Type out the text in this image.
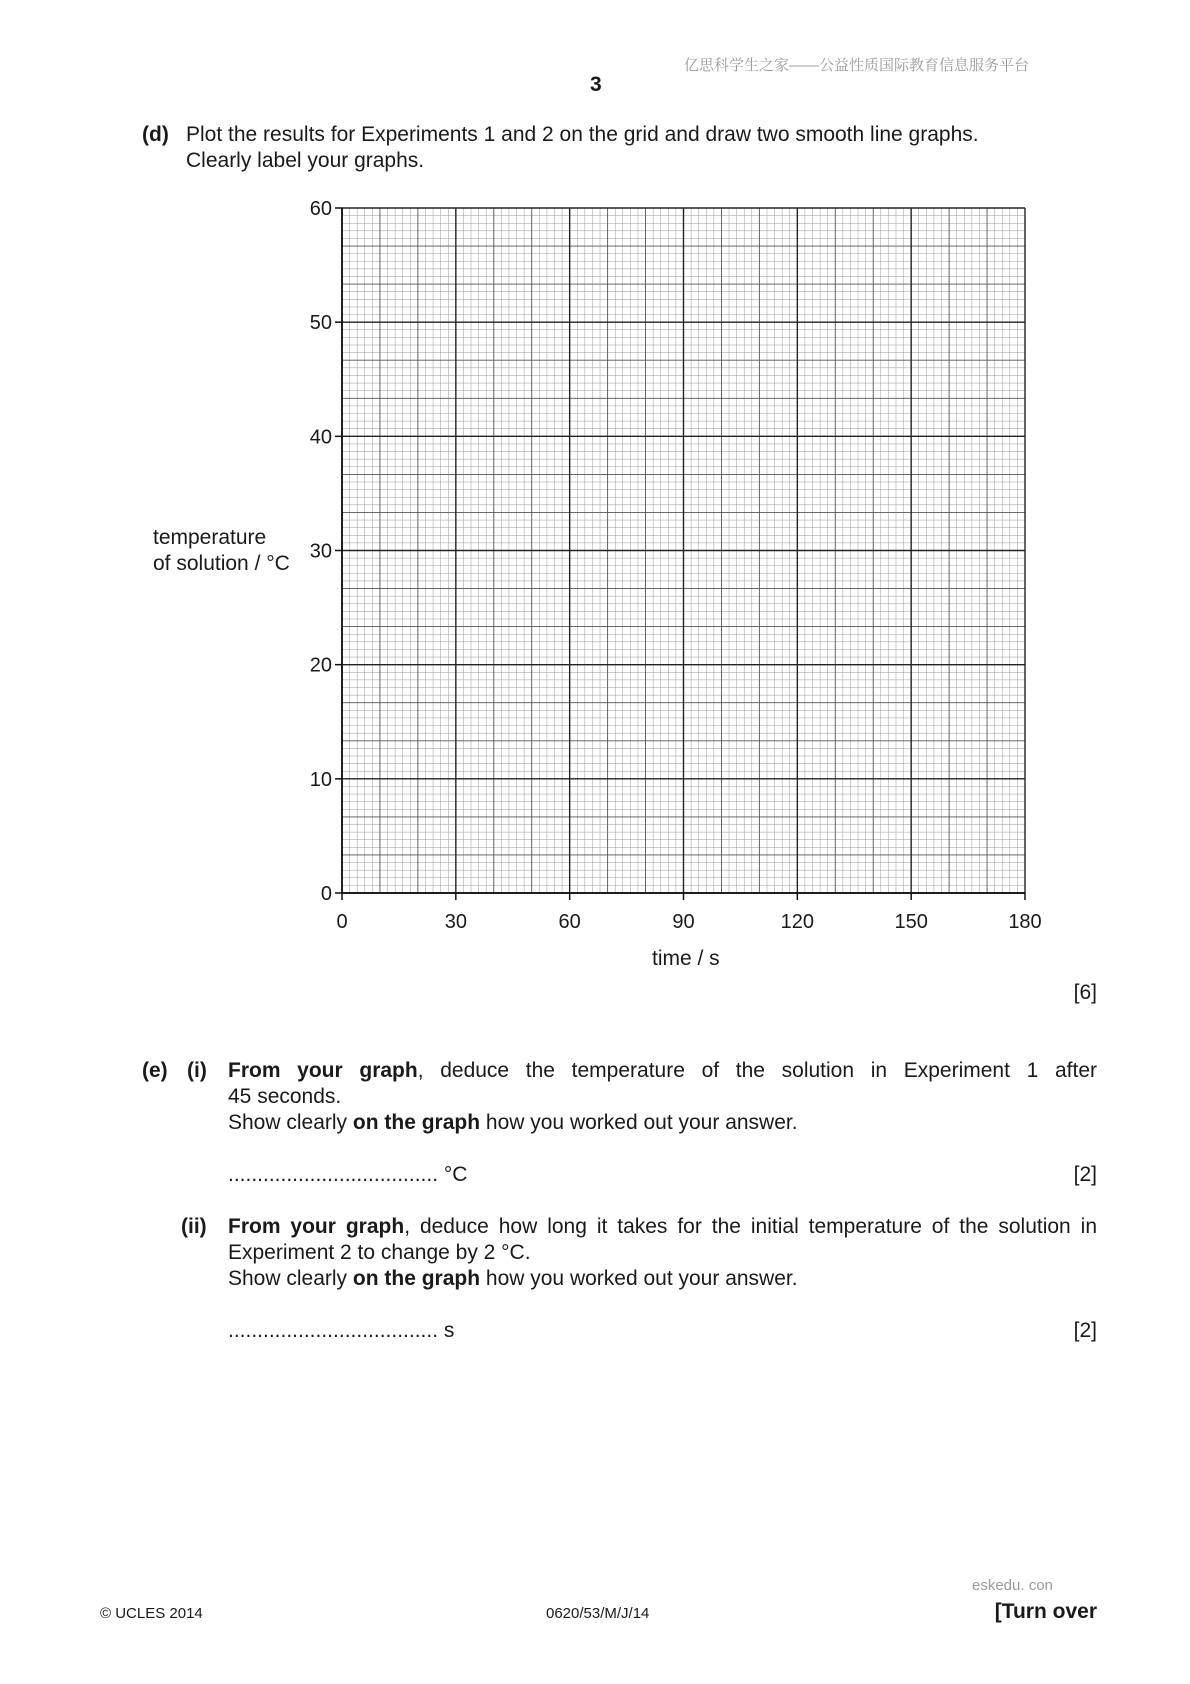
亿思科学生之家——公益性质国际教育信息服务平台
3
(d) Plot the results for Experiments 1 and 2 on the grid and draw two smooth line graphs.
Clearly label your graphs.
0	30	60	90	120	150	180
0
10
20
30
40
50
60
temperature
of solution / °C
time / s
[6]
(e) (i) From your graph, deduce the temperature of the solution in Experiment 1 after
45 seconds.
Show clearly on the graph how you worked out your answer.
.................................... °C	[2]
(ii) From your graph, deduce how long it takes for the initial temperature of the solution in
Experiment 2 to change by 2 °C.
Show clearly on the graph how you worked out your answer.
.................................... s	[2]
eskedu. con
© UCLES 2014	0620/53/M/J/14	[Turn over
